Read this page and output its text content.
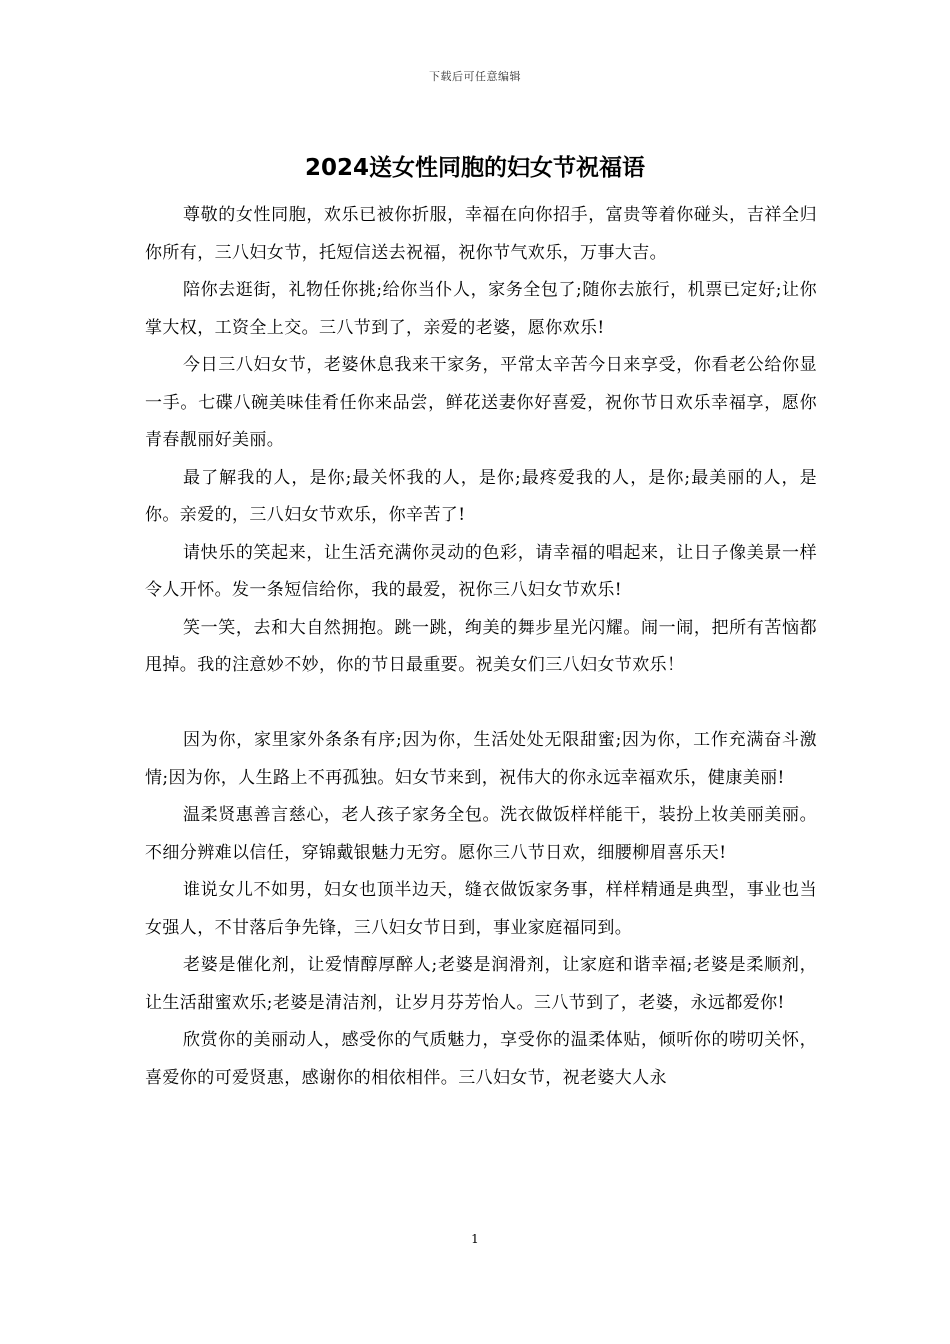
下载后可任意编辑
2024送女性同胞的妇女节祝福语

尊敬的女性同胞，欢乐已被你折服，幸福在向你招手，富贵等着你碰头，吉祥全归你所有，三八妇女节，托短信送去祝福，祝你节气欢乐，万事大吉。

陪你去逛街，礼物任你挑;给你当仆人，家务全包了;随你去旅行，机票已定好;让你掌大权，工资全上交。三八节到了，亲爱的老婆，愿你欢乐!

今日三八妇女节，老婆休息我来干家务，平常太辛苦今日来享受，你看老公给你显一手。七碟八碗美味佳肴任你来品尝，鲜花送妻你好喜爱，祝你节日欢乐幸福享，愿你青春靓丽好美丽。

最了解我的人，是你;最关怀我的人，是你;最疼爱我的人，是你;最美丽的人，是你。亲爱的，三八妇女节欢乐，你辛苦了!

请快乐的笑起来，让生活充满你灵动的色彩，请幸福的唱起来，让日子像美景一样令人开怀。发一条短信给你，我的最爱，祝你三八妇女节欢乐!

笑一笑，去和大自然拥抱。跳一跳，绚美的舞步星光闪耀。闹一闹，把所有苦恼都甩掉。我的注意妙不妙，你的节日最重要。祝美女们三八妇女节欢乐！

因为你，家里家外条条有序;因为你，生活处处无限甜蜜;因为你，工作充满奋斗激情;因为你，人生路上不再孤独。妇女节来到，祝伟大的你永远幸福欢乐，健康美丽!

温柔贤惠善言慈心，老人孩子家务全包。洗衣做饭样样能干，装扮上妆美丽美丽。不细分辨难以信任，穿锦戴银魅力无穷。愿你三八节日欢，细腰柳眉喜乐天!

谁说女儿不如男，妇女也顶半边天，缝衣做饭家务事，样样精通是典型，事业也当女强人，不甘落后争先锋，三八妇女节日到，事业家庭福同到。

老婆是催化剂，让爱情醇厚醉人;老婆是润滑剂，让家庭和谐幸福;老婆是柔顺剂，让生活甜蜜欢乐;老婆是清洁剂，让岁月芬芳怡人。三八节到了，老婆，永远都爱你!

欣赏你的美丽动人，感受你的气质魅力，享受你的温柔体贴，倾听你的唠叨关怀，喜爱你的可爱贤惠，感谢你的相依相伴。三八妇女节，祝老婆大人永

1
